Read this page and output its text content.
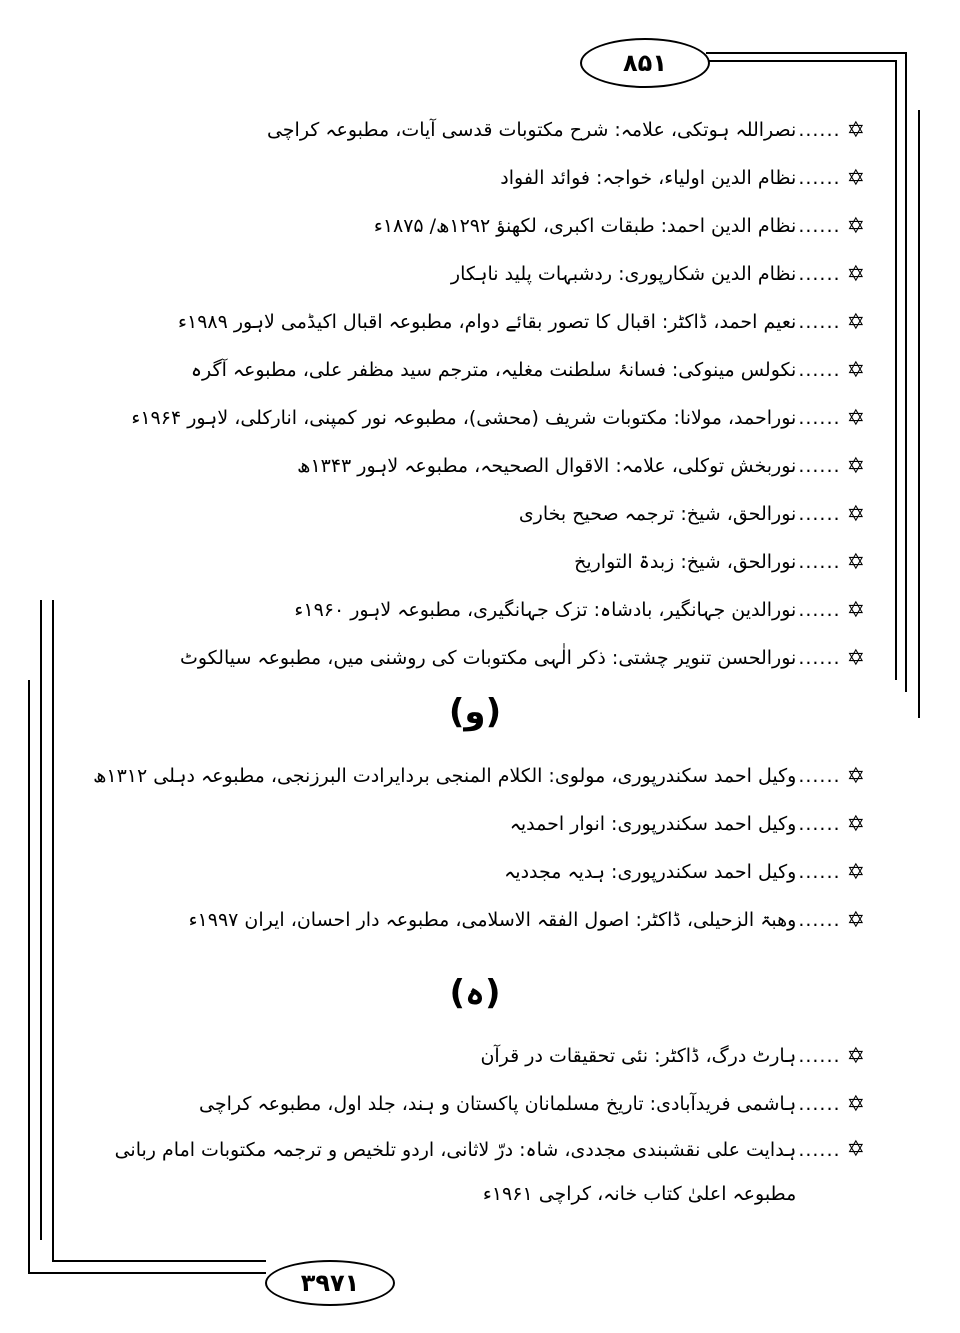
۸۵۱
۳۹۷۱
✡
......
نصراللہ ہوتکی، علامہ: شرح مکتوبات قدسی آیات، مطبوعہ کراچی
✡
......
نظام الدین اولیاء، خواجہ: فوائد الفواد
✡
......
نظام الدین احمد: طبقات اکبری، لکھنؤ ۱۲۹۲ھ/ ۱۸۷۵ء
✡
......
نظام الدین شکارپوری: ردشبہات پلید ناہکار
✡
......
نعیم احمد، ڈاکٹر: اقبال کا تصور بقائے دوام، مطبوعہ اقبال اکیڈمی لاہور ۱۹۸۹ء
✡
......
نکولس مینوکی: فسانۂ سلطنت مغلیہ، مترجم سید مظفر علی، مطبوعہ آگرہ
✡
......
نوراحمد، مولانا: مکتوبات شریف (محشی)، مطبوعہ نور کمپنی، انارکلی، لاہور ۱۹۶۴ء
✡
......
نوربخش توکلی، علامہ: الاقوال الصحیحہ، مطبوعہ لاہور ۱۳۴۳ھ
✡
......
نورالحق، شیخ: ترجمہ صحیح بخاری
✡
......
نورالحق، شیخ: زبدۃ التواریخ
✡
......
نورالدین جہانگیر، بادشاہ: تزک جہانگیری، مطبوعہ لاہور ۱۹۶۰ء
✡
......
نورالحسن تنویر چشتی: ذکر الٰہی مکتوبات کی روشنی میں، مطبوعہ سیالکوٹ
(و)
✡
......
وکیل احمد سکندرپوری، مولوی: الکلام المنجی بردایرادت البرزنجی، مطبوعہ دہلی ۱۳۱۲ھ
✡
......
وکیل احمد سکندرپوری: انوار احمدیہ
✡
......
وکیل احمد سکندرپوری: ہدیہ مجددیہ
✡
......
وھبۃ الزحیلی، ڈاکٹر: اصول الفقہ الاسلامی، مطبوعہ دار احسان، ایران ۱۹۹۷ء
(ہ)
✡
......
ہارٹ درگ، ڈاکٹر: نئی تحقیقات در قرآن
✡
......
ہاشمی فریدآبادی: تاریخ مسلمانان پاکستان و ہند، جلد اول، مطبوعہ کراچی
✡
......
ہدایت علی نقشبندی مجددی، شاہ: درّ لاثانی، اردو تلخیص و ترجمہ مکتوبات امام ربانی مطبوعہ اعلیٰ کتاب خانہ، کراچی ۱۹۶۱ء
